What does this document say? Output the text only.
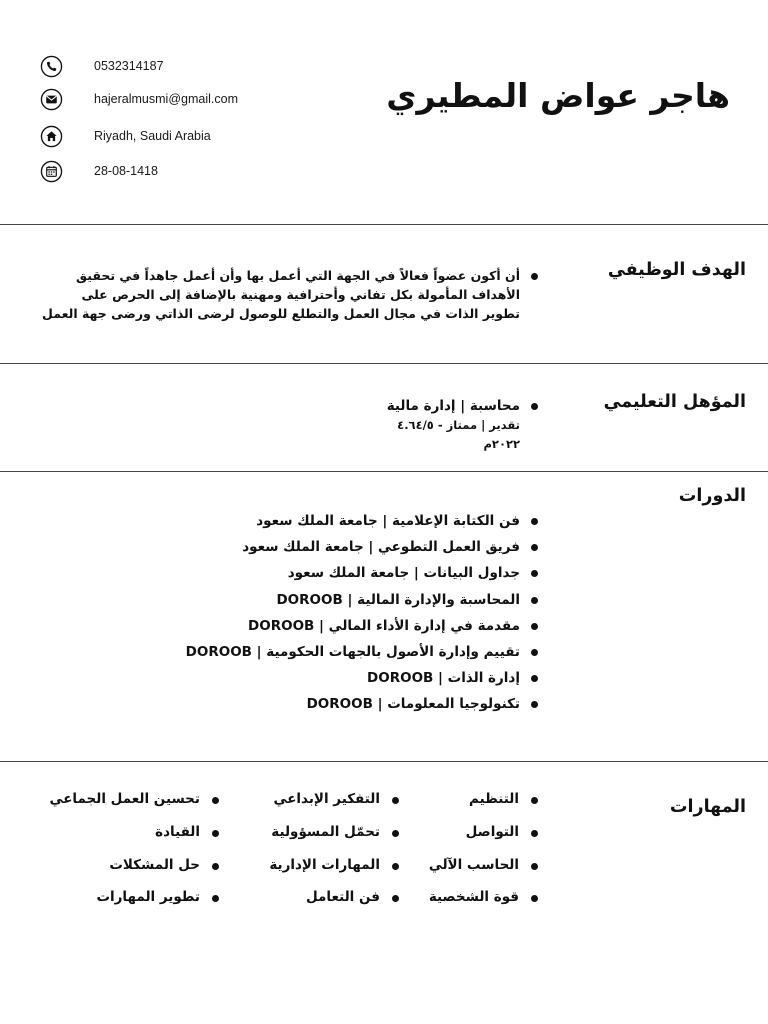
هاجر عواض المطيري
0532314187
hajeralmusmi@gmail.com
Riyadh, Saudi Arabia
28-08-1418
الهدف الوظيفي
أن أكون عضواً فعالاً في الجهة التي أعمل بها وأن أعمل جاهداً في تحقيق
الأهداف المأمولة بكل تفاني وأحترافية ومهنية بالإضافة إلى الحرص على
تطوير الذات في مجال العمل والتطلع للوصول لرضى الذاتي ورضى جهة العمل
المؤهل التعليمي
محاسبة | إدارة مالية
تقدير | ممتاز - ٤.٦٤/٥
٢٠٢٢م
الدورات
فن الكتابة الإعلامية | جامعة الملك سعود
فريق العمل التطوعي | جامعة الملك سعود
جداول البيانات | جامعة الملك سعود
المحاسبة والإدارة المالية | DOROOB
مقدمة في إدارة الأداء المالي | DOROOB
تقييم وإدارة الأصول بالجهات الحكومية | DOROOB
إدارة الذات | DOROOB
تكنولوجيا المعلومات | DOROOB
المهارات
التنظيم
التواصل
الحاسب الآلي
قوة الشخصية
التفكير الإبداعي
تحمّل المسؤولية
المهارات الإدارية
فن التعامل
تحسين العمل الجماعي
القيادة
حل المشكلات
تطوير المهارات
